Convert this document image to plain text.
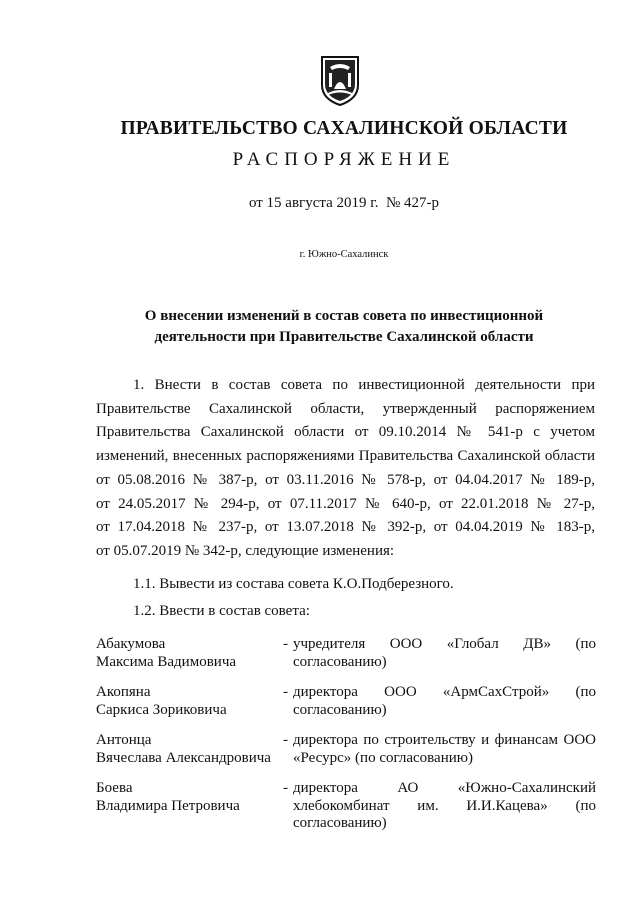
ПРАВИТЕЛЬСТВО САХАЛИНСКОЙ ОБЛАСТИ
РАСПОРЯЖЕНИЕ
от 15 августа 2019 г.  № 427-р
г. Южно-Сахалинск
О внесении изменений в состав совета по инвестиционной
деятельности при Правительстве Сахалинской области
1. Внести в состав совета по инвестиционной деятельности при
Правительстве Сахалинской области, утвержденный распоряжением
Правительства Сахалинской области от 09.10.2014 № 541-р с учетом
изменений, внесенных распоряжениями Правительства Сахалинской области
от 05.08.2016 № 387-р, от 03.11.2016 № 578-р, от 04.04.2017 № 189-р,
от 24.05.2017 № 294-р, от 07.11.2017 № 640-р, от 22.01.2018 № 27-р,
от 17.04.2018 № 237-р, от 13.07.2018 № 392-р, от 04.04.2019 № 183-р,
от 05.07.2019 № 342-р, следующие изменения:
1.1. Вывести из состава совета К.О.Подберезного.
1.2. Ввести в состав совета:
Абакумова
Максима Вадимовича
- учредителя ООО «Глобал ДВ» (по
согласованию)
Акопяна
Саркиса Зориковича
- директора ООО «АрмСахСтрой» (по
согласованию)
Антонца
Вячеслава Александровича
- директора по строительству и финансам ООО
«Ресурс» (по согласованию)
Боева
Владимира Петровича
- директора АО «Южно-Сахалинский
хлебокомбинат им. И.И.Кацева» (по
согласованию)
